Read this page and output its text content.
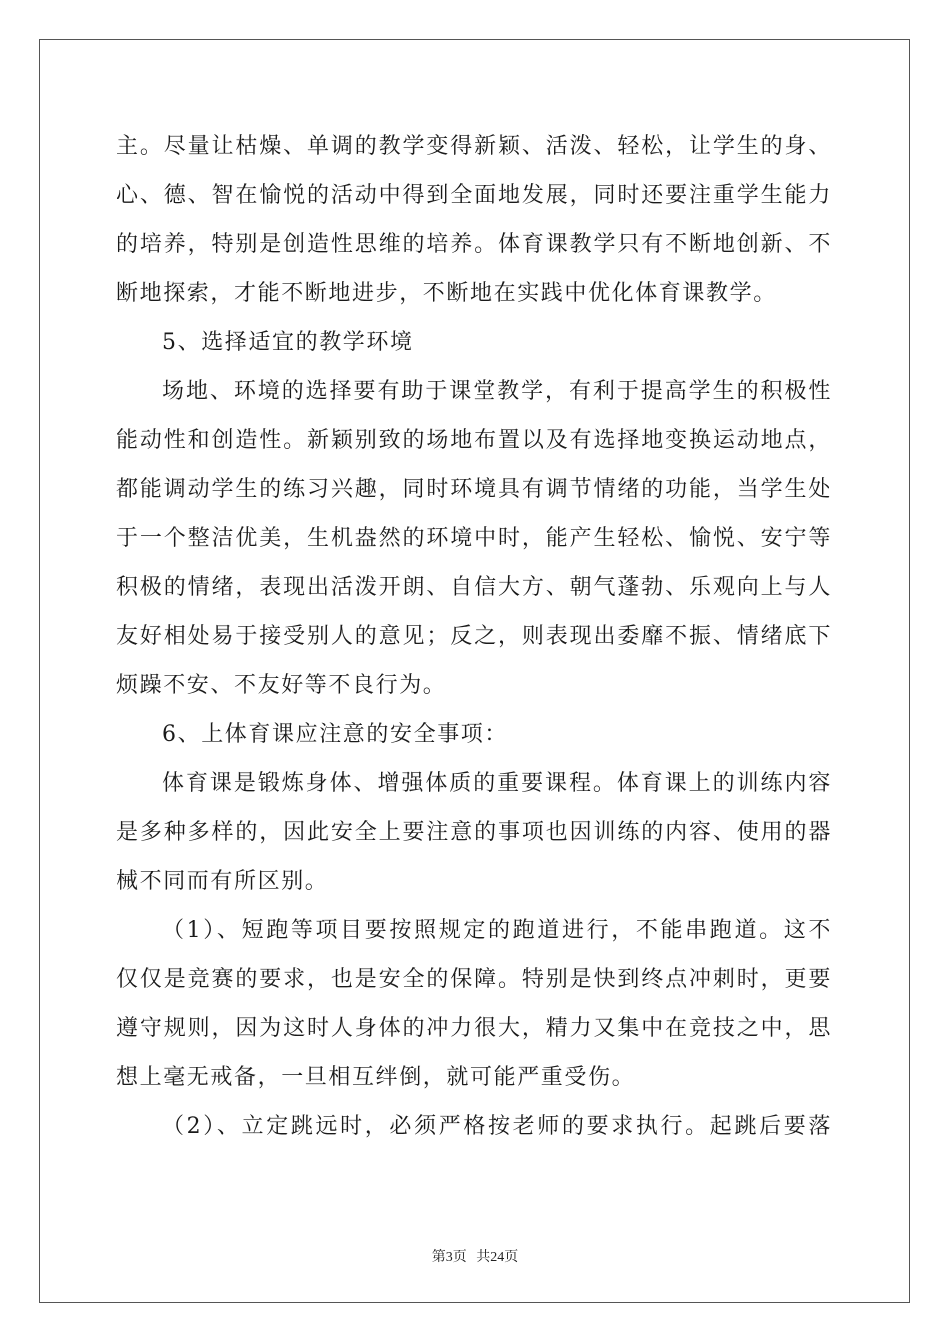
主。尽量让枯燥、单调的教学变得新颖、活泼、轻松，让学生的身、
心、德、智在愉悦的活动中得到全面地发展，同时还要注重学生能力
的培养，特别是创造性思维的培养。体育课教学只有不断地创新、不
断地探索，才能不断地进步，不断地在实践中优化体育课教学。
5、选择适宜的教学环境
场地、环境的选择要有助于课堂教学，有利于提高学生的积极性
能动性和创造性。新颖别致的场地布置以及有选择地变换运动地点，
都能调动学生的练习兴趣，同时环境具有调节情绪的功能，当学生处
于一个整洁优美，生机盎然的环境中时，能产生轻松、愉悦、安宁等
积极的情绪，表现出活泼开朗、自信大方、朝气蓬勃、乐观向上与人
友好相处易于接受别人的意见；反之，则表现出委靡不振、情绪底下
烦躁不安、不友好等不良行为。
6、上体育课应注意的安全事项：
体育课是锻炼身体、增强体质的重要课程。体育课上的训练内容
是多种多样的，因此安全上要注意的事项也因训练的内容、使用的器
械不同而有所区别。
（1）、短跑等项目要按照规定的跑道进行，不能串跑道。这不
仅仅是竞赛的要求，也是安全的保障。特别是快到终点冲刺时，更要
遵守规则，因为这时人身体的冲力很大，精力又集中在竞技之中，思
想上毫无戒备，一旦相互绊倒，就可能严重受伤。
（2）、立定跳远时，必须严格按老师的要求执行。起跳后要落
第3页 共24页
